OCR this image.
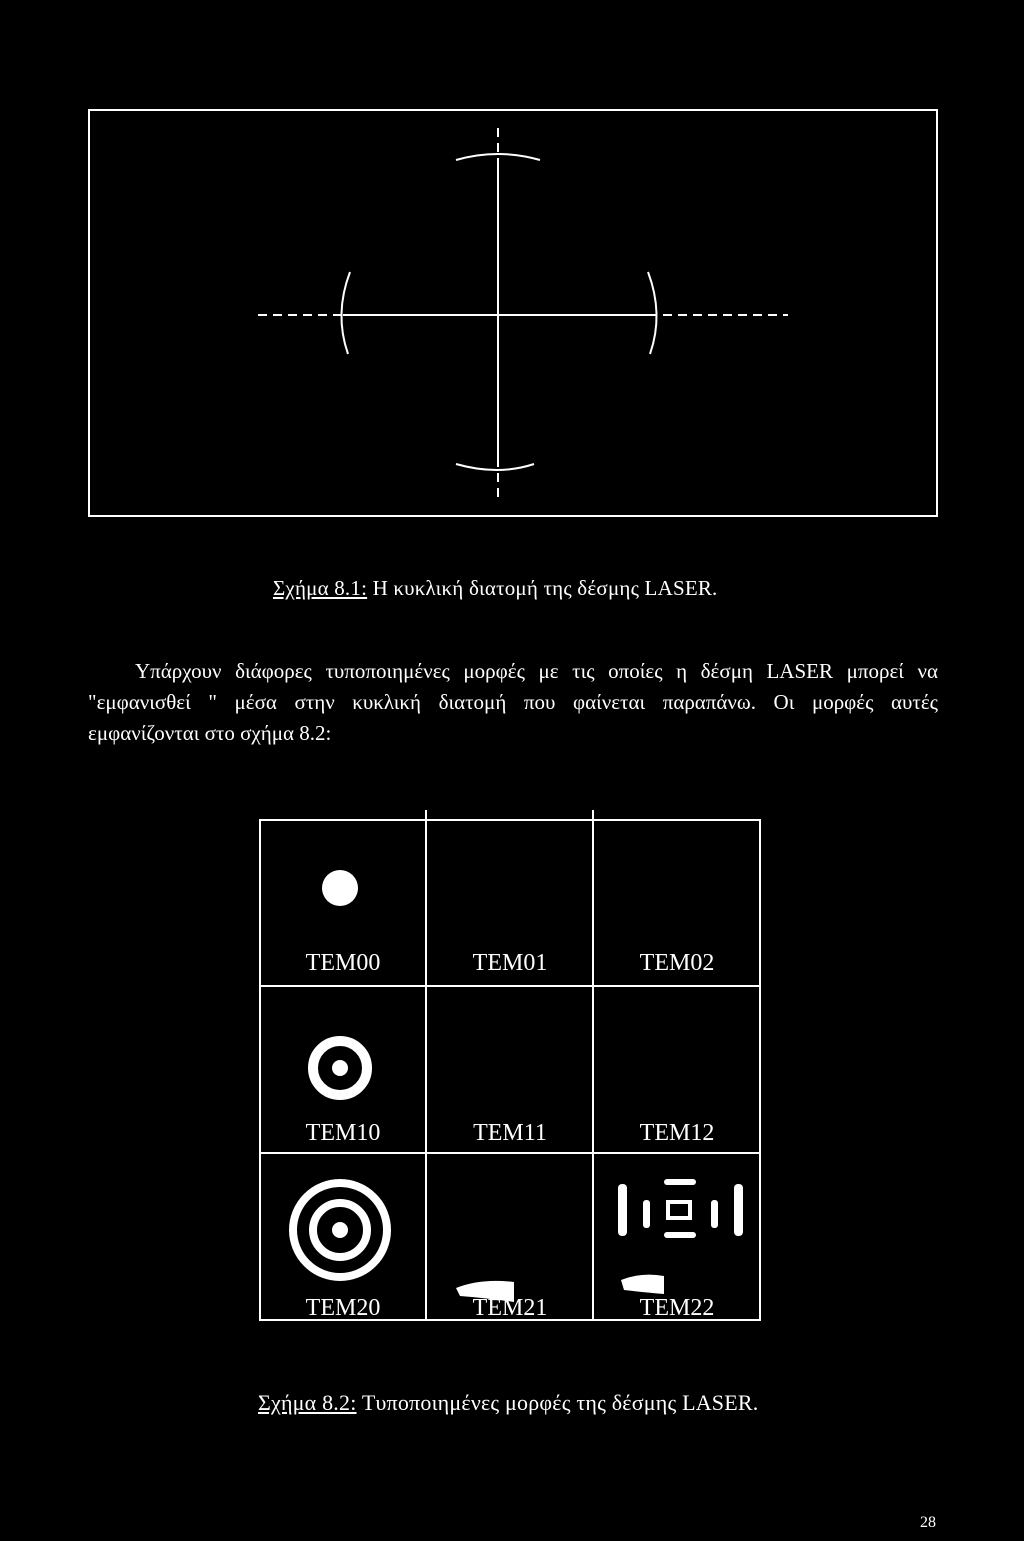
Σχήμα 8.1: Η κυκλική διατομή της δέσμης LASER.
Υπάρχουν διάφορες τυποποιημένες μορφές με τις οποίες η δέσμη LASER μπορεί να
"εμφανισθεί " μέσα στην κυκλική διατομή που φαίνεται παραπάνω. Οι μορφές αυτές
εμφανίζονται στο σχήμα 8.2:
TEM00	TEM01	TEM02
TEM10	TEM11	TEM12
TEM20	TEM21	TEM22
Σχήμα 8.2: Τυποποιημένες μορφές της δέσμης LASER.
28
